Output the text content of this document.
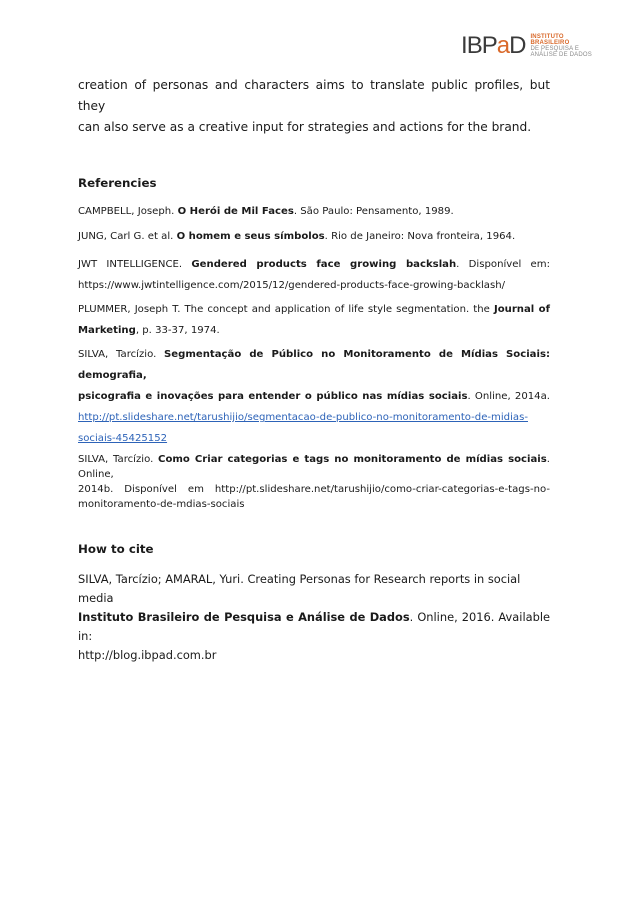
IBPaD INSTITUTO
BRASILEIRO
DE PESQUISA E
ANÁLISE DE DADOS

creation of personas and characters aims to translate public profiles, but they
can also serve as a creative input for strategies and actions for the brand.

Referencies

CAMPBELL, Joseph. O Herói de Mil Faces. São Paulo: Pensamento, 1989.

JUNG, Carl G. et al. O homem e seus símbolos. Rio de Janeiro: Nova fronteira, 1964.

JWT INTELLIGENCE. Gendered products face growing backslah. Disponível em:
https://www.jwtintelligence.com/2015/12/gendered-products-face-growing-backlash/

PLUMMER, Joseph T. The concept and application of life style segmentation. the Journal of
Marketing, p. 33-37, 1974.

SILVA, Tarcízio. Segmentação de Público no Monitoramento de Mídias Sociais: demografia,
psicografia e inovações para entender o público nas mídias sociais. Online, 2014a.
http://pt.slideshare.net/tarushijio/segmentacao-de-publico-no-monitoramento-de-midias-
sociais-45425152

SILVA, Tarcízio. Como Criar categorias e tags no monitoramento de mídias sociais. Online,
2014b. Disponível em http://pt.slideshare.net/tarushijio/como-criar-categorias-e-tags-no-
monitoramento-de-mdias-sociais

How to cite

SILVA, Tarcízio; AMARAL, Yuri. Creating Personas for Research reports in social media
Instituto Brasileiro de Pesquisa e Análise de Dados. Online, 2016. Available in:
http://blog.ibpad.com.br
